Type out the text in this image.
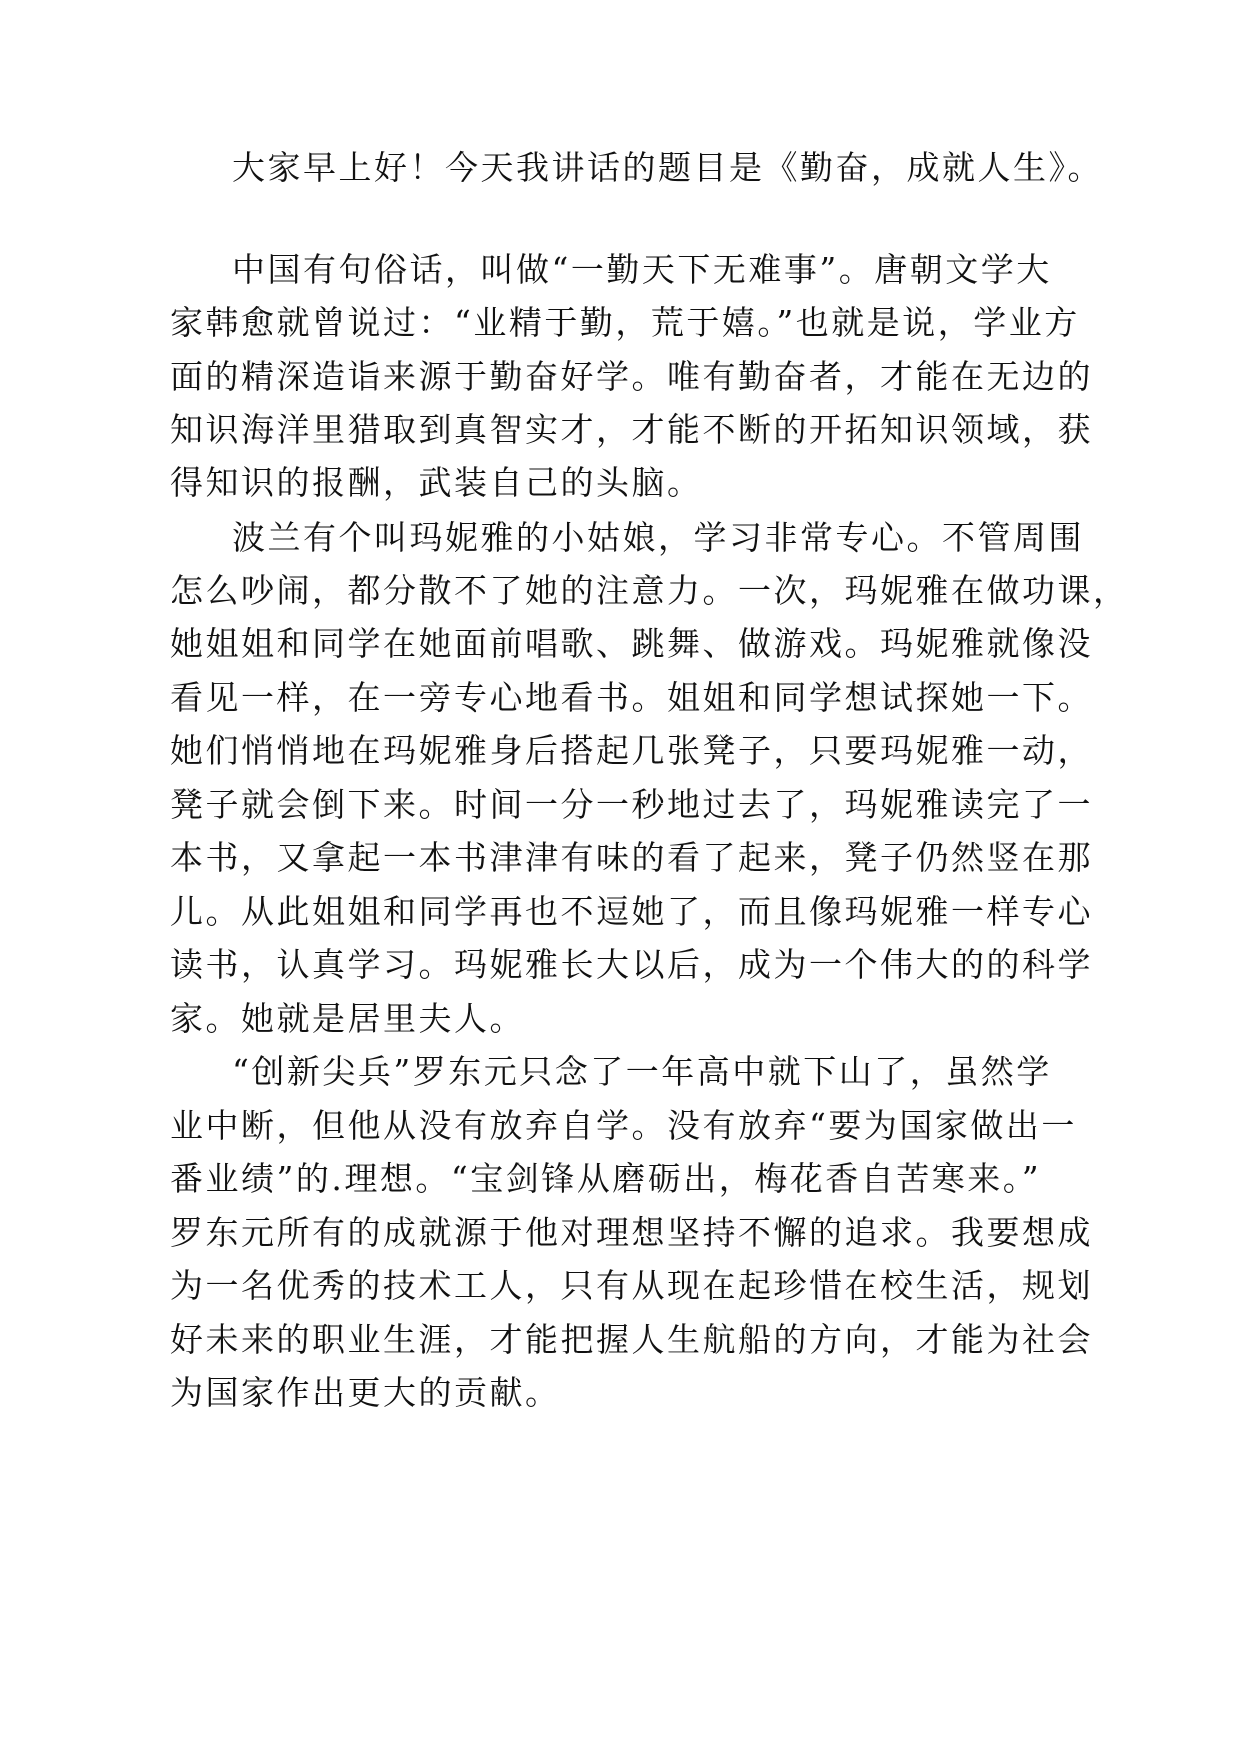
大家早上好！今天我讲话的题目是《勤奋，成就人生》。
中国有句俗话，叫做“一勤天下无难事”。唐朝文学大
家韩愈就曾说过：“业精于勤，荒于嬉。”也就是说，学业方
面的精深造诣来源于勤奋好学。唯有勤奋者，才能在无边的
知识海洋里猎取到真智实才，才能不断的开拓知识领域，获
得知识的报酬，武装自己的头脑。
波兰有个叫玛妮雅的小姑娘，学习非常专心。不管周围
怎么吵闹，都分散不了她的注意力。一次，玛妮雅在做功课，
她姐姐和同学在她面前唱歌、跳舞、做游戏。玛妮雅就像没
看见一样，在一旁专心地看书。姐姐和同学想试探她一下。
她们悄悄地在玛妮雅身后搭起几张凳子，只要玛妮雅一动，
凳子就会倒下来。时间一分一秒地过去了，玛妮雅读完了一
本书，又拿起一本书津津有味的看了起来，凳子仍然竖在那
儿。从此姐姐和同学再也不逗她了，而且像玛妮雅一样专心
读书，认真学习。玛妮雅长大以后，成为一个伟大的的科学
家。她就是居里夫人。
“创新尖兵”罗东元只念了一年高中就下山了，虽然学
业中断，但他从没有放弃自学。没有放弃“要为国家做出一
番业绩”的.理想。“宝剑锋从磨砺出，梅花香自苦寒来。”
罗东元所有的成就源于他对理想坚持不懈的追求。我要想成
为一名优秀的技术工人，只有从现在起珍惜在校生活，规划
好未来的职业生涯，才能把握人生航船的方向，才能为社会
为国家作出更大的贡献。
